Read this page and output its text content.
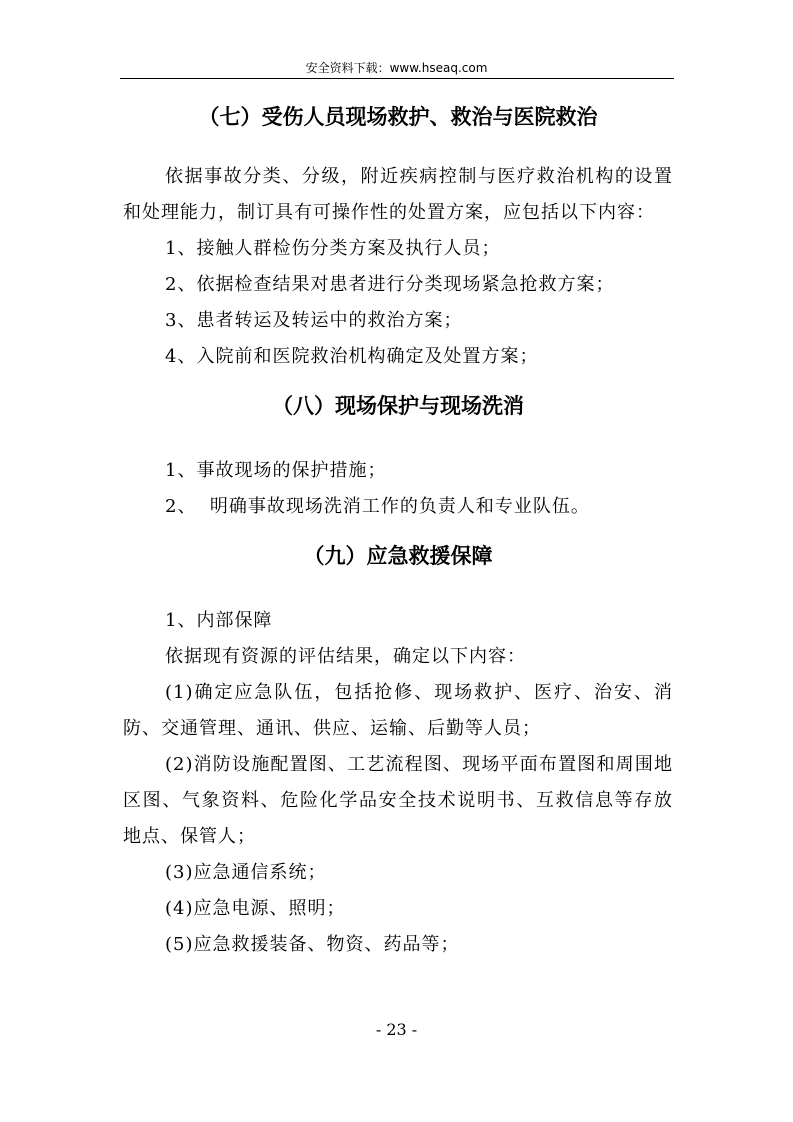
安全资料下载：www.hseaq.com
（七）受伤人员现场救护、救治与医院救治

依据事故分类、分级，附近疾病控制与医疗救治机构的设置和处理能力，制订具有可操作性的处置方案，应包括以下内容：

1、接触人群检伤分类方案及执行人员；

2、依据检查结果对患者进行分类现场紧急抢救方案；

3、患者转运及转运中的救治方案；

4、入院前和医院救治机构确定及处置方案；

（八）现场保护与现场洗消

1、事故现场的保护措施；

2、  明确事故现场洗消工作的负责人和专业队伍。

（九）应急救援保障

1、内部保障

依据现有资源的评估结果，确定以下内容：

(1)确定应急队伍，包括抢修、现场救护、医疗、治安、消防、交通管理、通讯、供应、运输、后勤等人员；

(2)消防设施配置图、工艺流程图、现场平面布置图和周围地区图、气象资料、危险化学品安全技术说明书、互救信息等存放地点、保管人；

(3)应急通信系统；

(4)应急电源、照明；

(5)应急救援装备、物资、药品等；

- 23 -
